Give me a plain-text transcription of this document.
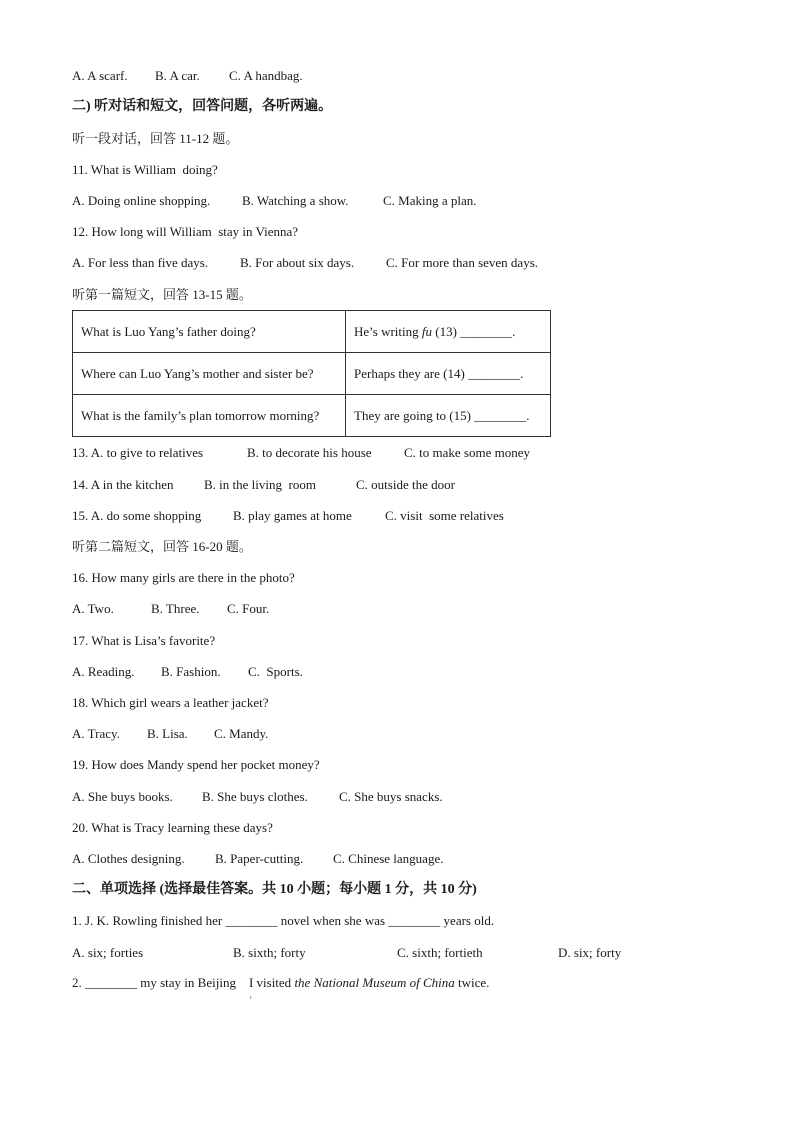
A. A scarf. B. A car. C. A handbag.
二) 听对话和短文，回答问题，各听两遍。
听一段对话，回答 11-12 题。
11. What is William  doing?
A. Doing online shopping. B. Watching a show.	C. Making a plan.
12. How long will William  stay in Vienna?
A. For less than five days. B. For about six days. C. For more than seven days.
听第一篇短文，回答 13-15 题。
What is Luo Yang’s father doing?	He’s writing fu (13) ________.
Where can Luo Yang’s mother and sister be?	Perhaps they are (14) ________.
What is the family’s plan tomorrow morning?	They are going to (15) ________.
13. A. to give to relatives	B. to decorate his house C. to make some money
14. A in the kitchen B. in the living  room	C. outside the door
15. A. do some shopping B. play games at home	C. visit  some relatives
听第二篇短文，回答 16-20 题。
16. How many girls are there in the photo?
A. Two.	B. Three. C. Four.
17. What is Lisa’s favorite?
A. Reading. B. Fashion. C.  Sports.
18. Which girl wears a leather jacket?
A. Tracy. B. Lisa. C. Mandy.
19. How does Mandy spend her pocket money?
A. She buys books. B. She buys clothes. C. She buys snacks.
20. What is Tracy learning these days?
A. Clothes designing. B. Paper-cutting. C. Chinese language.
二、单项选择 (选择最佳答案。共 10 小题；每小题 1 分，共 10 分)
1. J. K. Rowling finished her ________ novel when she was ________ years old.
A. six; forties	B. sixth; forty	C. sixth; fortieth	D. six; forty
2. ________ my stay in Beijing    I visited the National Museum of China twice.
'
